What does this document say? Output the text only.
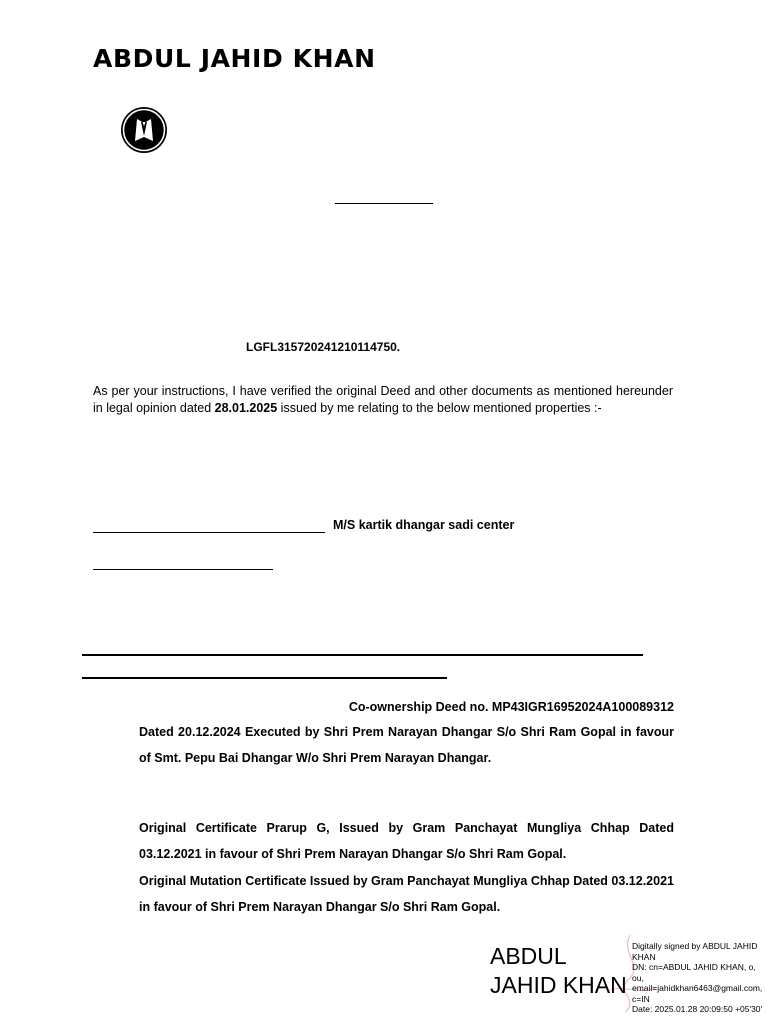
ABDUL JAHID KHAN
LGFL315720241210114750.
As per your instructions, I have verified the original Deed and other documents as mentioned hereunder in legal opinion dated 28.01.2025 issued by me relating to the below mentioned properties :-
M/S kartik dhangar sadi center
Co-ownership Deed no. MP43IGR16952024A100089312
Dated 20.12.2024 Executed by Shri Prem Narayan Dhangar S/o Shri Ram Gopal in favour of Smt. Pepu Bai Dhangar W/o Shri Prem Narayan Dhangar.
Original Certificate Prarup G, Issued by Gram Panchayat Mungliya Chhap Dated 03.12.2021 in favour of Shri Prem Narayan Dhangar S/o Shri Ram Gopal.
Original Mutation Certificate Issued by Gram Panchayat Mungliya Chhap Dated 03.12.2021 in favour of Shri Prem Narayan Dhangar S/o Shri Ram Gopal.
ABDUL
JAHID KHAN
Digitally signed by ABDUL JAHID
KHAN
DN: cn=ABDUL JAHID KHAN, o, ou,
email=jahidkhan6463@gmail.com,
c=IN
Date: 2025.01.28 20:09:50 +05'30'
